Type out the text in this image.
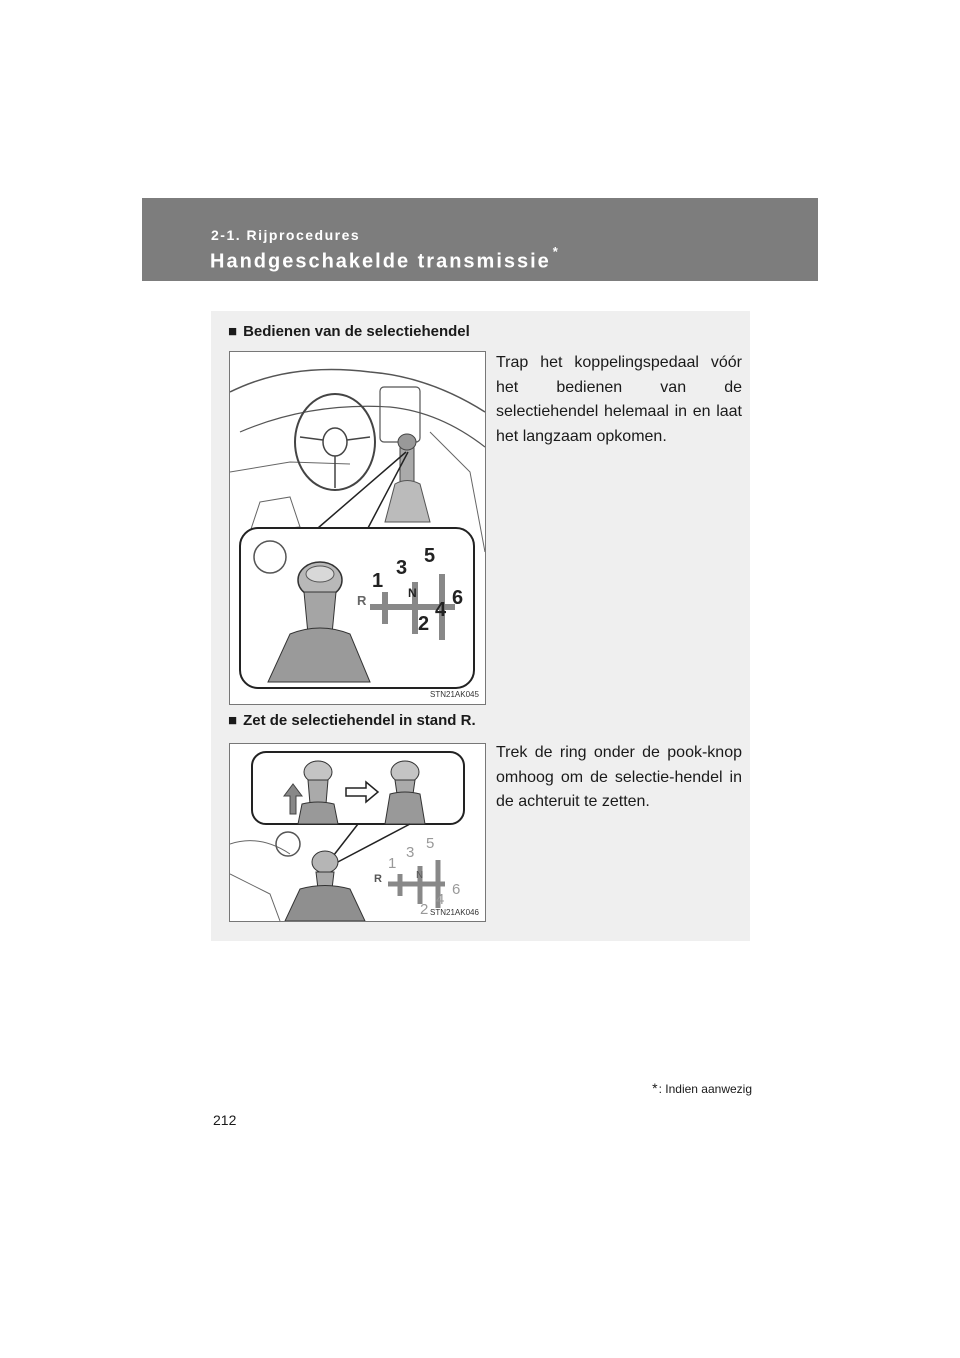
2-1. Rijprocedures
Handgeschakelde transmissie *
■ Bedienen van de selectiehendel
R
1
3
5
N
2
4
6
STN21AK045
Trap het koppelingspedaal vóór het bedienen van de selectiehendel helemaal in en laat het langzaam opkomen.
■ Zet de selectiehendel in stand R.
R
1
3
5
N
2
4
6
STN21AK046
Trek de ring onder de pook-knop omhoog om de selectie-hendel in de achteruit te zetten.
*: Indien aanwezig
212
